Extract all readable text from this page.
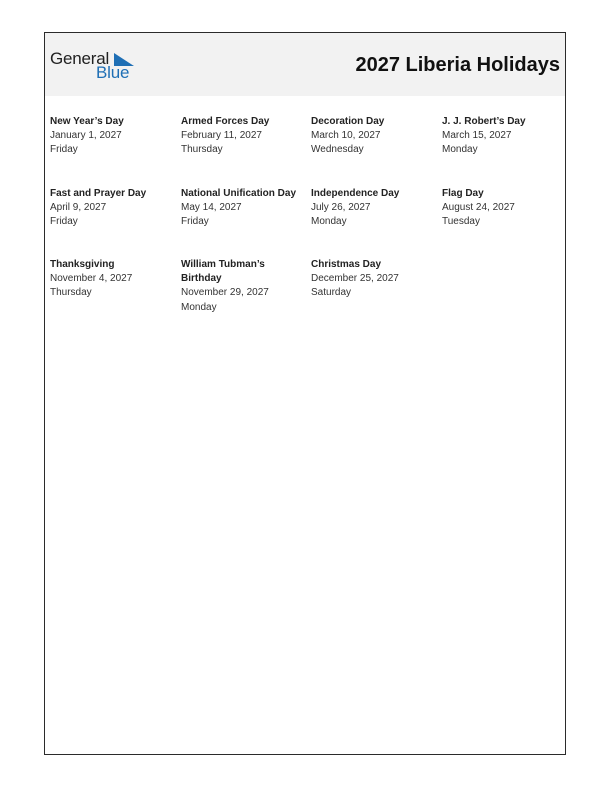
General
Blue	2027 Liberia Holidays
New Year’s Day
January 1, 2027
Friday
Armed Forces Day
February 11, 2027
Thursday
Decoration Day
March 10, 2027
Wednesday
J. J. Robert’s Day
March 15, 2027
Monday
Fast and Prayer Day
April 9, 2027
Friday
National Unification Day
May 14, 2027
Friday
Independence Day
July 26, 2027
Monday
Flag Day
August 24, 2027
Tuesday
Thanksgiving
November 4, 2027
Thursday
William Tubman’s Birthday
November 29, 2027
Monday
Christmas Day
December 25, 2027
Saturday
